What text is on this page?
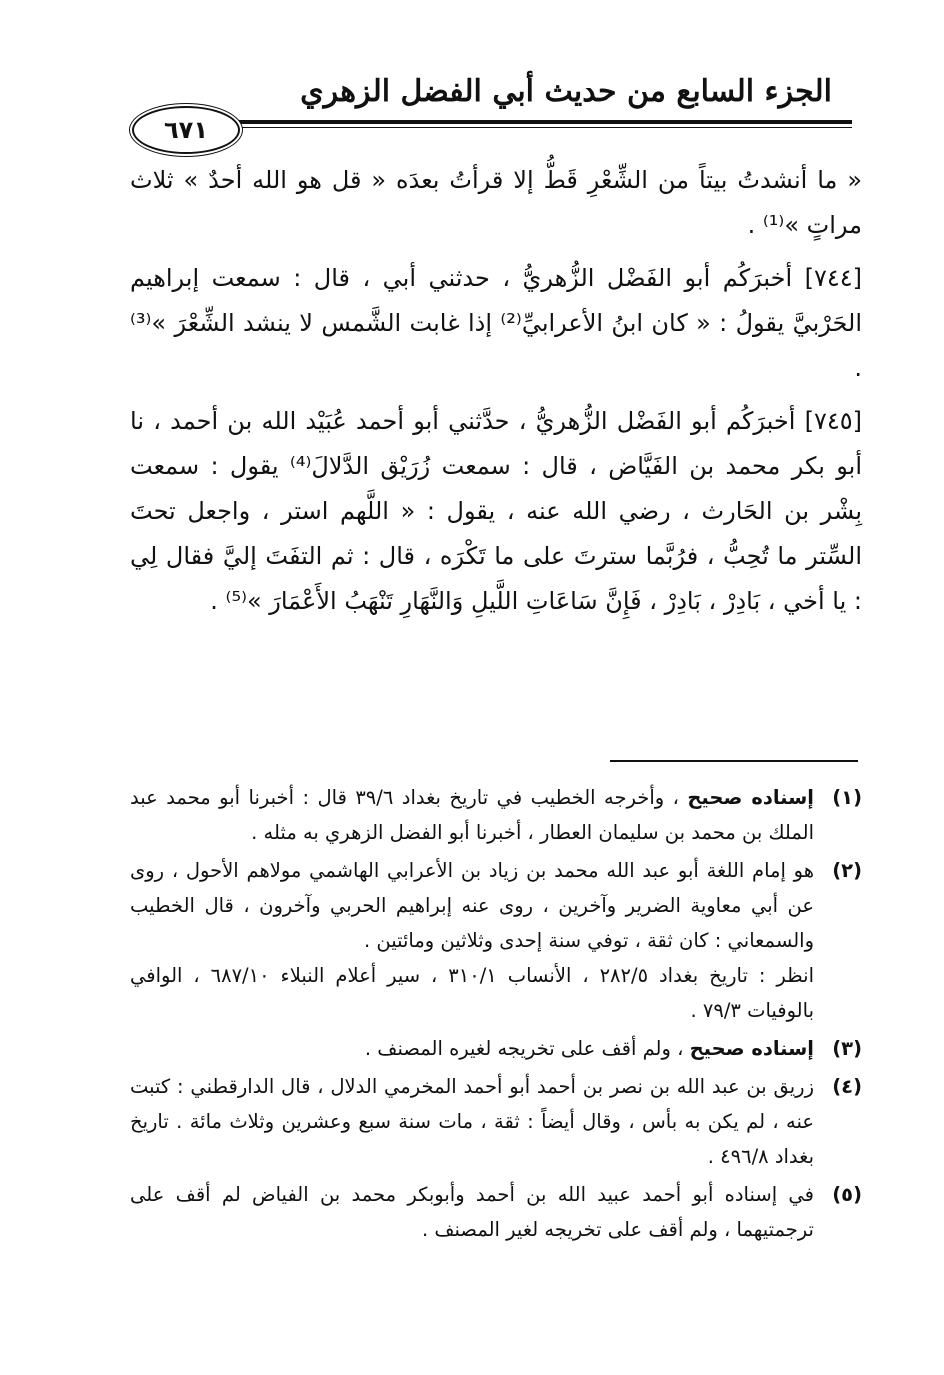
الجزء السابع من حديث أبي الفضل الزهري
٦٧١

« ما أنشدتُ بيتاً من الشِّعْرِ قَطُّ إلا قرأتُ بعدَه « قل هو الله أحدٌ » ثلاث مراتٍ »⁽¹⁾ .

[٧٤٤] أخبرَكُم أبو الفَضْل الزُّهريُّ ، حدثني أبي ، قال : سمعت إبراهيم الحَرْبيَّ يقولُ : « كان ابنُ الأعرابيِّ⁽²⁾ إذا غابت الشَّمس لا ينشد الشِّعْرَ »⁽³⁾ .

[٧٤٥] أخبرَكُم أبو الفَضْل الزُّهريُّ ، حدَّثني أبو أحمد عُبَيْد الله بن أحمد ، نا أبو بكر محمد بن الفَيَّاض ، قال : سمعت زُرَيْق الدَّلالَ⁽⁴⁾ يقول : سمعت بِشْر بن الحَارث ، رضي الله عنه ، يقول : « اللَّهم استر ، واجعل تحتَ السِّتر ما تُحِبُّ ، فرُبَّما سترتَ على ما تَكْرَه ، قال : ثم التفَتَ إليَّ فقال لِي : يا أخي ، بَادِرْ ، بَادِرْ ، فَإِنَّ سَاعَاتِ اللَّيلِ وَالنَّهَارِ تَنْهَبُ الأَعْمَارَ »⁽⁵⁾ .

(١)
إسناده صحيح ، وأخرجه الخطيب في تاريخ بغداد ٣٩/٦ قال : أخبرنا أبو محمد عبد الملك بن محمد بن سليمان العطار ، أخبرنا أبو الفضل الزهري به مثله .
(٢)
هو إمام اللغة أبو عبد الله محمد بن زياد بن الأعرابي الهاشمي مولاهم الأحول ، روى عن أبي معاوية الضرير وآخرين ، روى عنه إبراهيم الحربي وآخرون ، قال الخطيب والسمعاني : كان ثقة ، توفي سنة إحدى وثلاثين ومائتين .
انظر : تاريخ بغداد ٢٨٢/٥ ، الأنساب ٣١٠/١ ، سير أعلام النبلاء ٦٨٧/١٠ ، الوافي بالوفيات ٧٩/٣ .
(٣)
إسناده صحيح ، ولم أقف على تخريجه لغيره المصنف .
(٤)
زريق بن عبد الله بن نصر بن أحمد أبو أحمد المخرمي الدلال ، قال الدارقطني : كتبت عنه ، لم يكن به بأس ، وقال أيضاً : ثقة ، مات سنة سبع وعشرين وثلاث مائة . تاريخ بغداد ٤٩٦/٨ .
(٥)
في إسناده أبو أحمد عبيد الله بن أحمد وأبوبكر محمد بن الفياض لم أقف على ترجمتيهما ، ولم أقف على تخريجه لغير المصنف .
